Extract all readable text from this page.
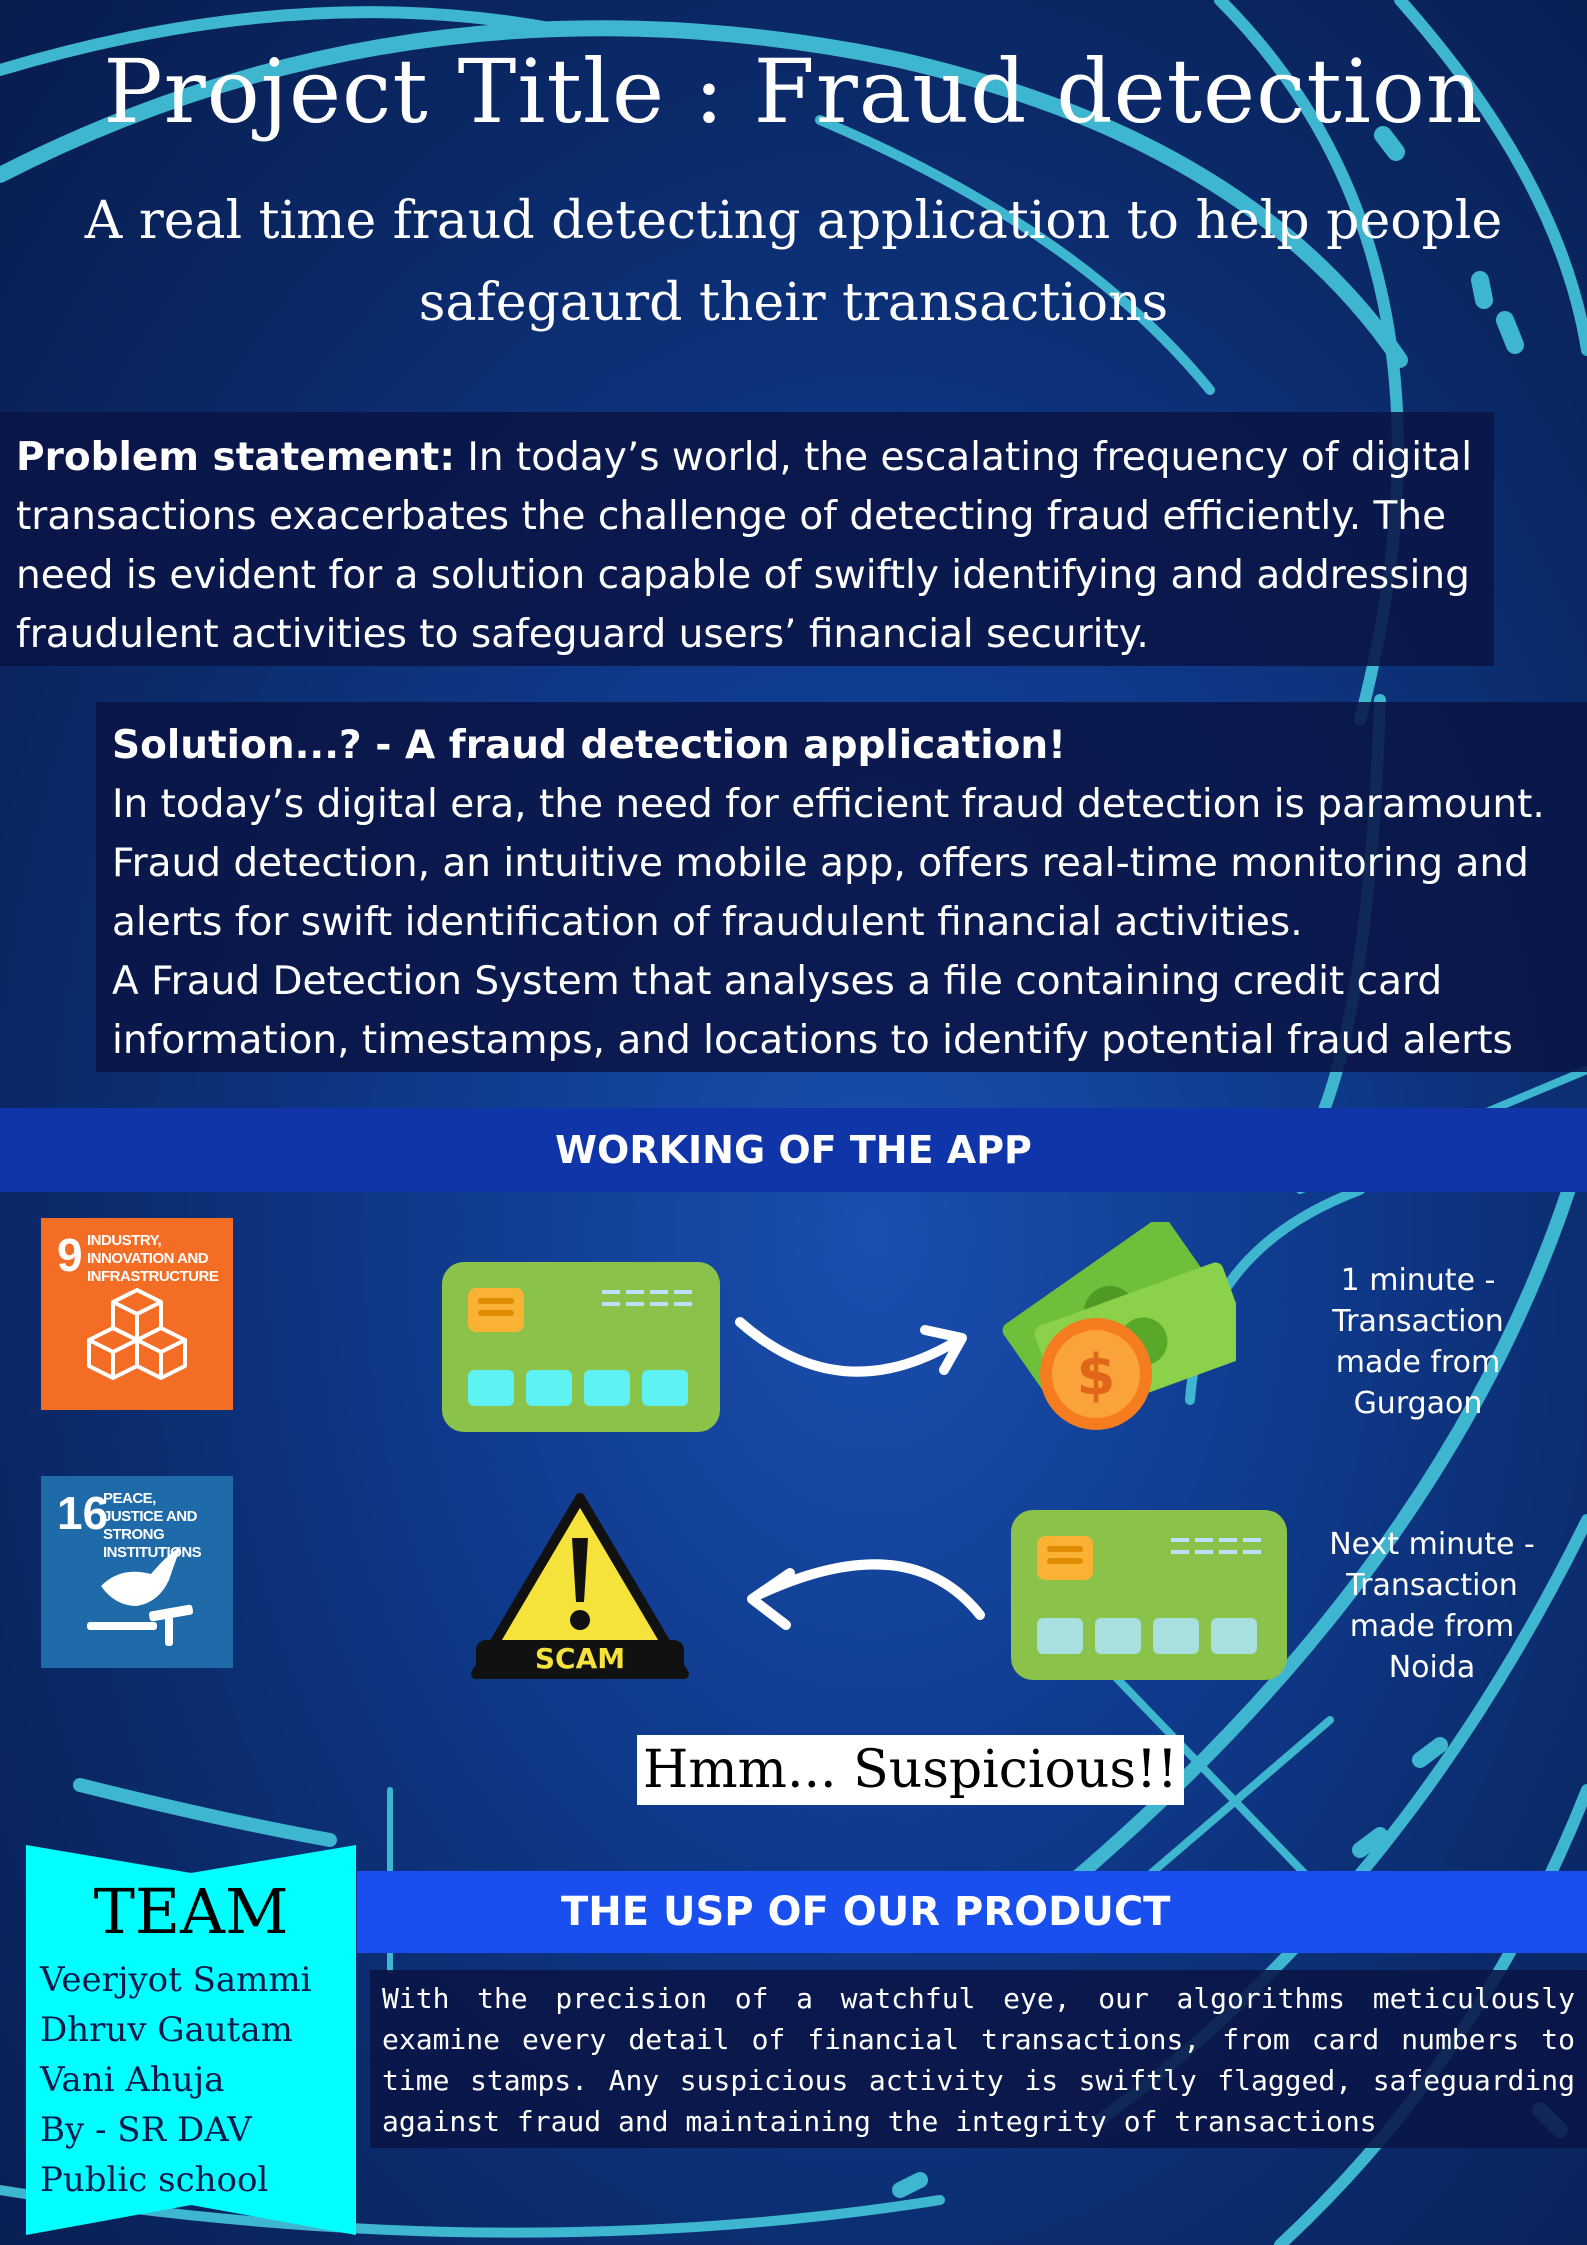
Project Title : Fraud detection
A real time fraud detecting application to help people safegaurd their transactions
Problem statement: In today’s world, the escalating frequency of digital transactions exacerbates the challenge of detecting fraud efficiently. The need is evident for a solution capable of swiftly identifying and addressing fraudulent activities to safeguard users’ financial security.
Solution...? - A fraud detection application!
In today’s digital era, the need for efficient fraud detection is paramount. Fraud detection, an intuitive mobile app, offers real-time monitoring and alerts for swift identification of fraudulent financial activities.
A Fraud Detection System that analyses a file containing credit card information, timestamps, and locations to identify potential fraud alerts
WORKING OF THE APP
9 INDUSTRY, INNOVATION AND INFRASTRUCTURE
16
PEACE, JUSTICE AND STRONG INSTITUTIONS
$
1 minute - Transaction made from Gurgaon
SCAM
Next minute - Transaction made from Noida
Hmm... Suspicious!!
TEAM
Veerjyot Sammi
Dhruv Gautam
Vani Ahuja
By - SR DAV Public school
THE USP OF OUR PRODUCT
With the precision of a watchful eye, our algorithms meticulously examine every detail of financial transactions, from card numbers to time stamps. Any suspicious activity is swiftly flagged, safeguarding against fraud and maintaining the integrity of transactions
